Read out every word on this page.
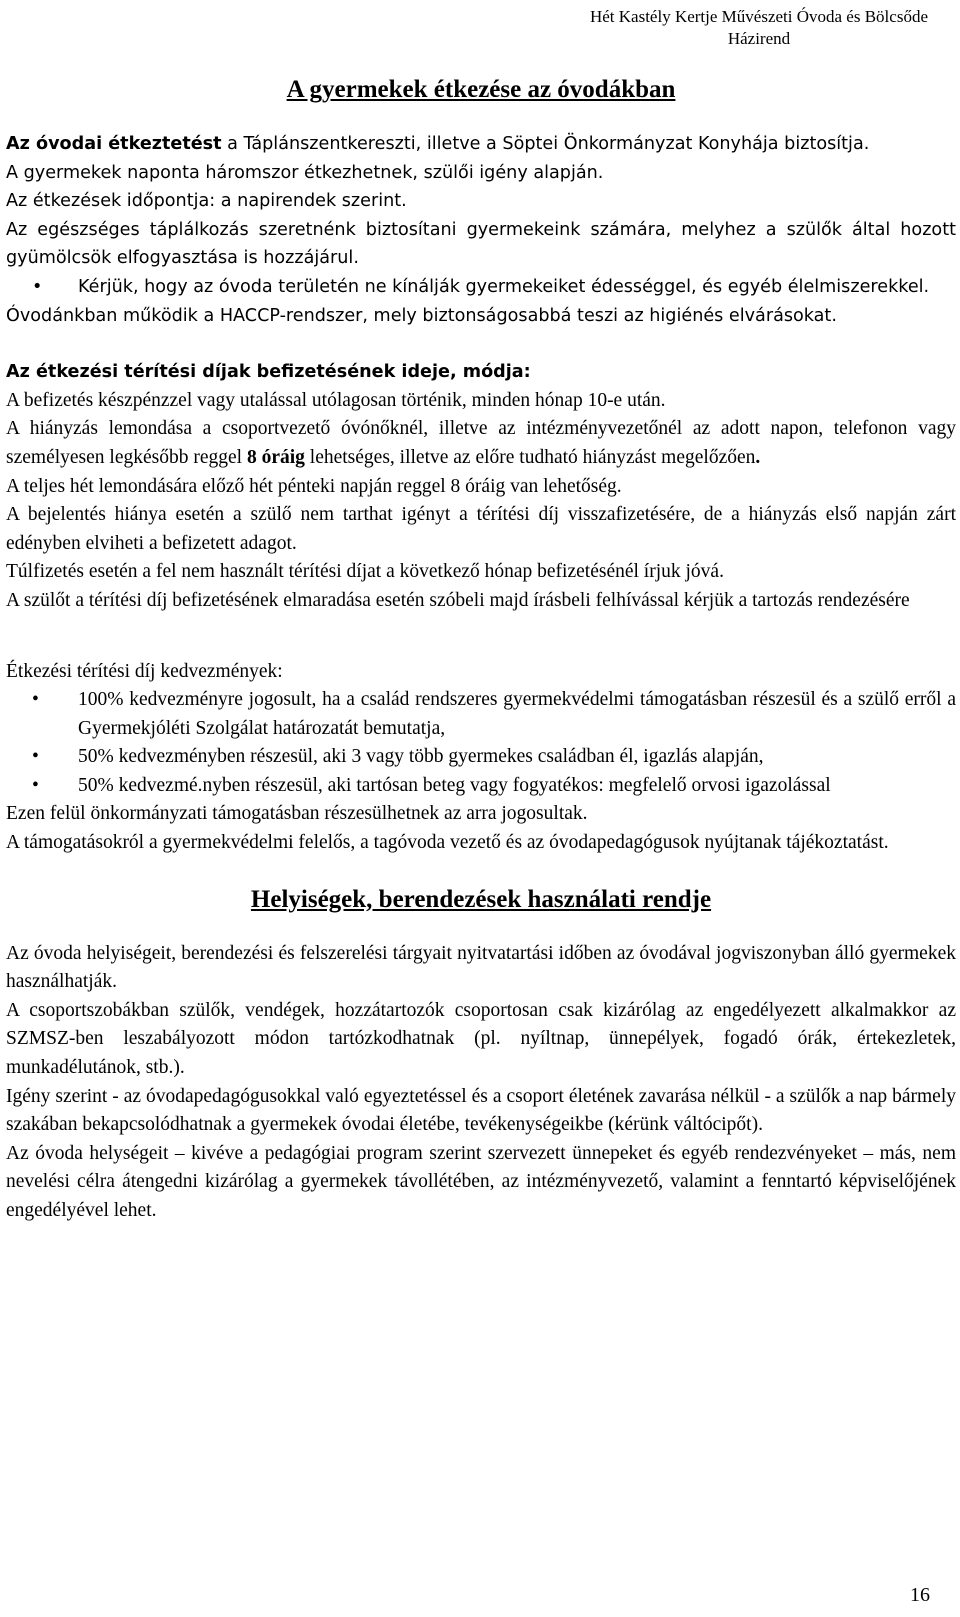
Hét Kastély Kertje Művészeti Óvoda és Bölcsőde
Házirend
A gyermekek étkezése az óvodákban

Az óvodai étkeztetést a Táplánszentkereszti, illetve a Söptei Önkormányzat Konyhája biztosítja.

A gyermekek naponta háromszor étkezhetnek, szülői igény alapján.

Az étkezések időpontja: a napirendek szerint.

Az egészséges táplálkozás szeretnénk biztosítani gyermekeink számára, melyhez a szülők által hozott gyümölcsök elfogyasztása is hozzájárul.

• Kérjük, hogy az óvoda területén ne kínálják gyermekeiket édességgel, és egyéb élelmiszerekkel.

Óvodánkban működik a HACCP-rendszer, mely biztonságosabbá teszi az higiénés elvárásokat.

Az étkezési térítési díjak befizetésének ideje, módja:

A befizetés készpénzzel vagy utalással utólagosan történik, minden hónap 10-e után.

A hiányzás lemondása a csoportvezető óvónőknél, illetve az intézményvezetőnél az adott napon, telefonon vagy személyesen legkésőbb reggel 8 óráig lehetséges, illetve az előre tudható hiányzást megelőzően.

A teljes hét lemondására előző hét pénteki napján reggel 8 óráig van lehetőség.

A bejelentés hiánya esetén a szülő nem tarthat igényt a térítési díj visszafizetésére, de a hiányzás első napján zárt edényben elviheti a befizetett adagot.

Túlfizetés esetén a fel nem használt térítési díjat a következő hónap befizetésénél írjuk jóvá.

A szülőt a térítési díj befizetésének elmaradása esetén szóbeli majd írásbeli felhívással kérjük a tartozás rendezésére

Étkezési térítési díj kedvezmények:

• 100% kedvezményre jogosult, ha a család rendszeres gyermekvédelmi támogatásban részesül és a szülő erről a Gyermekjóléti Szolgálat határozatát bemutatja,
• 50% kedvezményben részesül, aki 3 vagy több gyermekes családban él, igazlás alapján,
• 50% kedvezmé.nyben részesül, aki tartósan beteg vagy fogyatékos: megfelelő orvosi igazolással

Ezen felül önkormányzati támogatásban részesülhetnek az arra jogosultak.

A támogatásokról a gyermekvédelmi felelős, a tagóvoda vezető és az óvodapedagógusok nyújtanak tájékoztatást.

Helyiségek, berendezések használati rendje

Az óvoda helyiségeit, berendezési és felszerelési tárgyait nyitvatartási időben az óvodával jogviszonyban álló gyermekek használhatják.

A csoportszobákban szülők, vendégek, hozzátartozók csoportosan csak kizárólag az engedélyezett alkalmakkor az SZMSZ-ben leszabályozott módon tartózkodhatnak (pl. nyíltnap, ünnepélyek, fogadó órák, értekezletek, munkadélutánok, stb.).

Igény szerint - az óvodapedagógusokkal való egyeztetéssel és a csoport életének zavarása nélkül - a szülők a nap bármely szakában bekapcsolódhatnak a gyermekek óvodai életébe, tevékenységeikbe (kérünk váltócipőt).

Az óvoda helységeit – kivéve a pedagógiai program szerint szervezett ünnepeket és egyéb rendezvényeket – más, nem nevelési célra átengedni kizárólag a gyermekek távollétében, az intézményvezető, valamint a fenntartó képviselőjének engedélyével lehet.

16
